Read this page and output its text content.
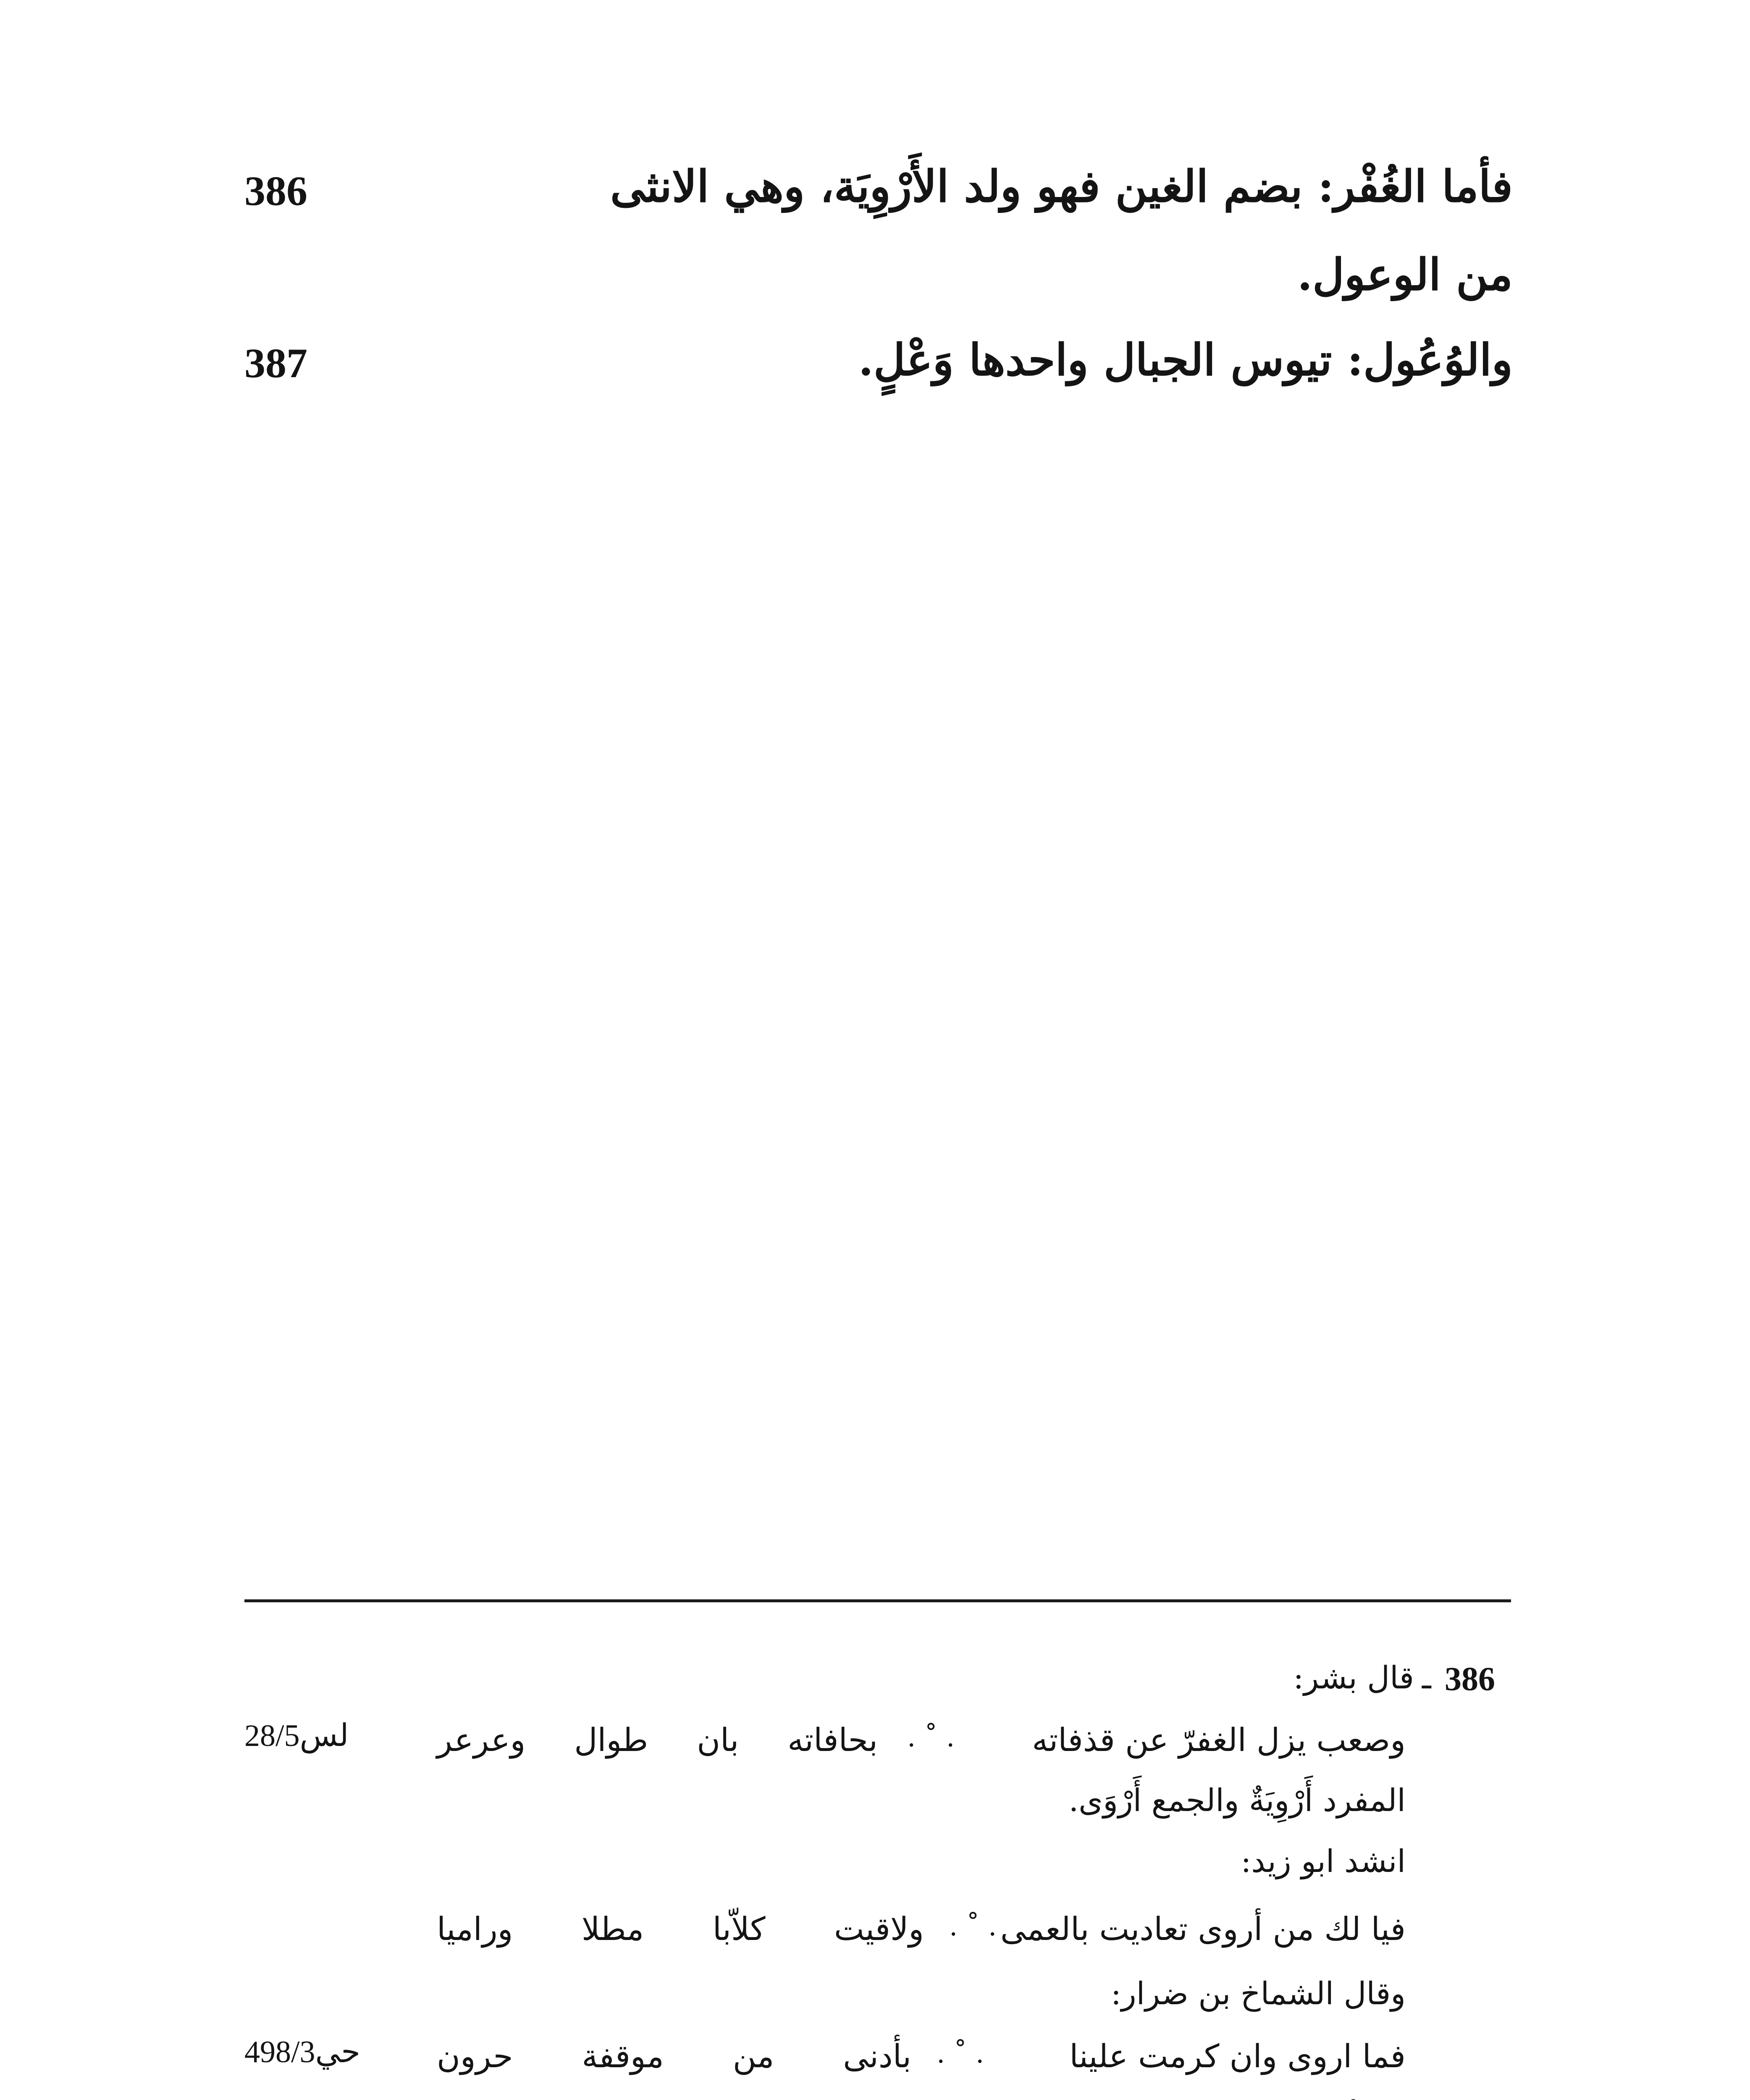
فأما الغُفْر: بضم الغين فهو ولد الأَرْوِيَة، وهي الانثى
386
من الوعول.
والوُعُول: تيوس الجبال واحدها وَعْلٍ.
387
386
ـ
قال بشر:
28/5لس	بحافاته بان طوال وعرعر . ˚ . وصعب يزل الغفرّ عن قذفاته
المفرد أَرْوِيَةٌ والجمع أَرْوَى.
انشد ابو زيد:
ولاقيت كلاّبا مطلا وراميا . ˚ . فيا لك من أروى تعاديت بالعمى
وقال الشماخ بن ضرار:
498/3حي بأدنى من موقفة حرون . ˚ .	فما اروى وان كرمت علينا
